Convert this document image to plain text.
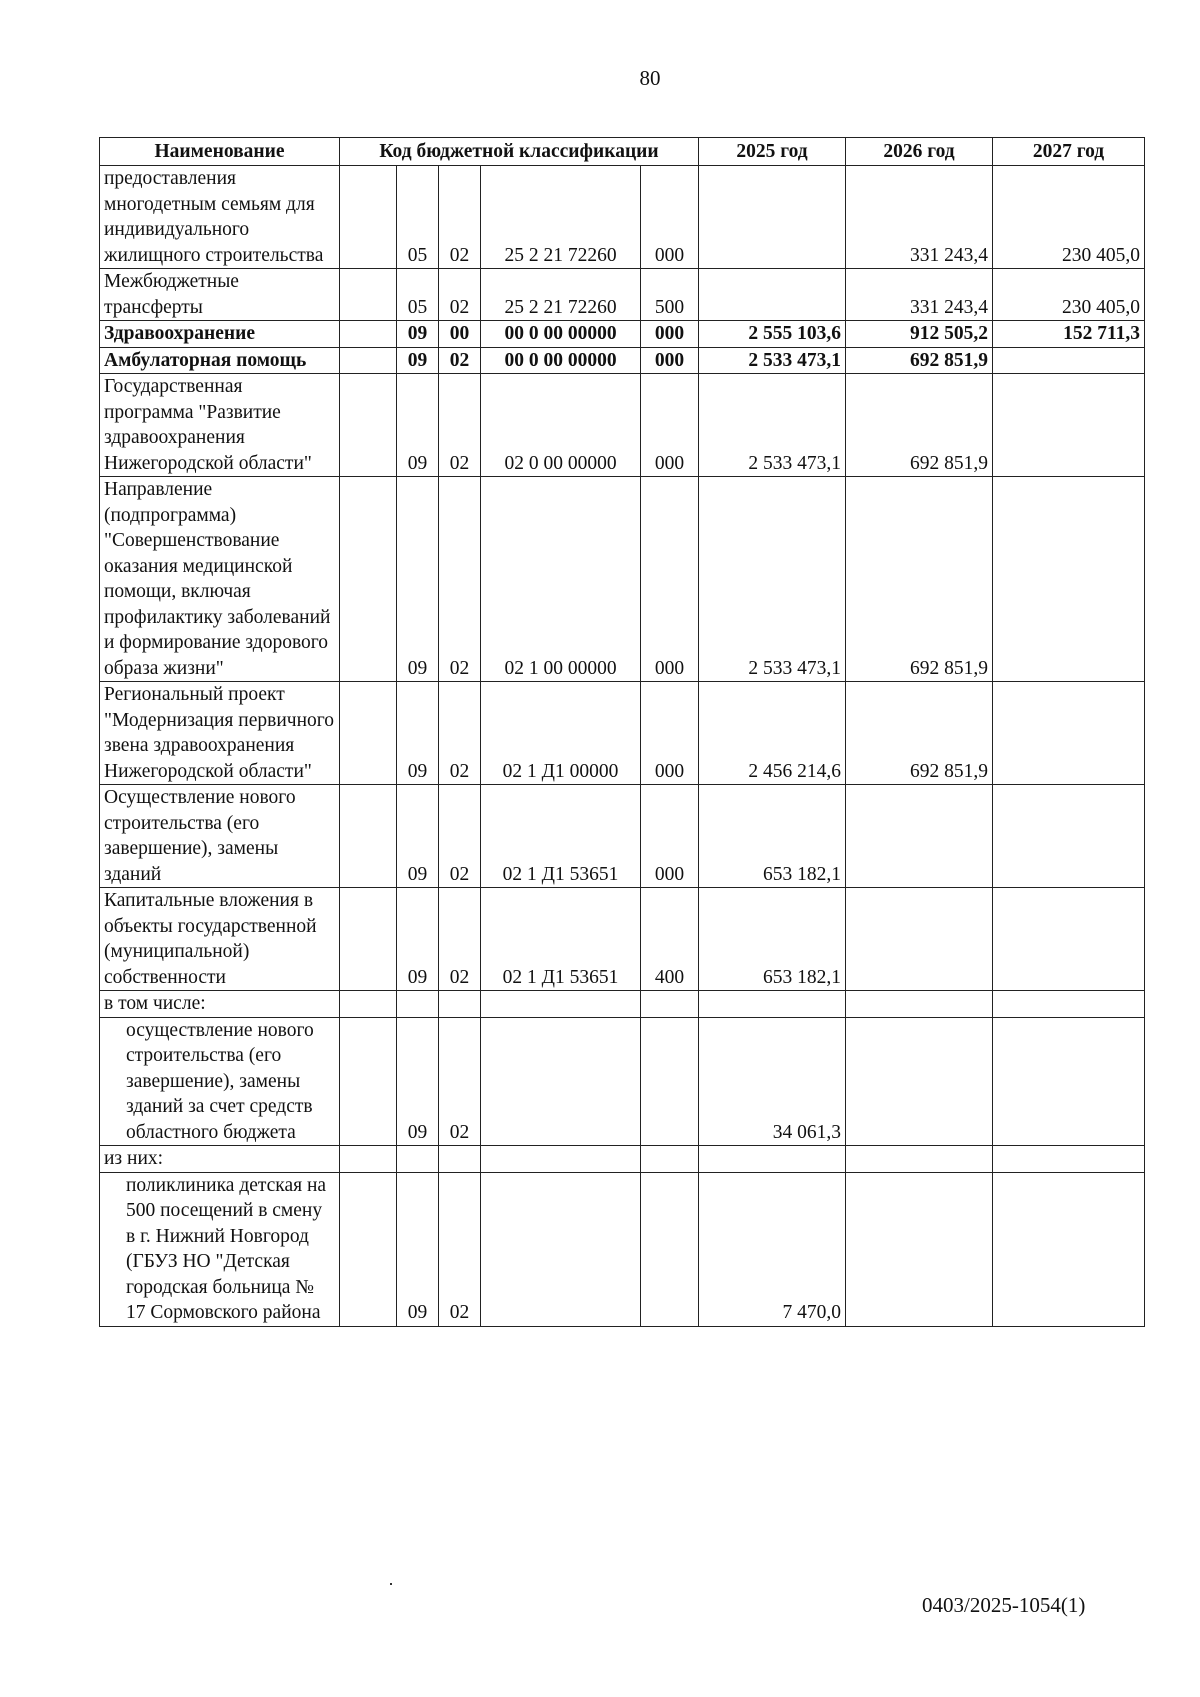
80
Наименование	Код бюджетной классификации					2025 год	2026 год	2027 год
предоставления многодетным семьям для индивидуального жилищного строительства		05	02	25 2 21 72260	000		331 243,4	230 405,0
Межбюджетные трансферты		05	02	25 2 21 72260	500		331 243,4	230 405,0
Здравоохранение		09	00	00 0 00 00000	000	2 555 103,6	912 505,2	152 711,3
Амбулаторная помощь		09	02	00 0 00 00000	000	2 533 473,1	692 851,9	
Государственная программа "Развитие здравоохранения Нижегородской области"		09	02	02 0 00 00000	000	2 533 473,1	692 851,9	
Направление (подпрограмма) "Совершенствование оказания медицинской помощи, включая профилактику заболеваний и формирование здорового образа жизни"		09	02	02 1 00 00000	000	2 533 473,1	692 851,9	
Региональный проект "Модернизация первичного звена здравоохранения Нижегородской области"		09	02	02 1 Д1 00000	000	2 456 214,6	692 851,9	
Осуществление нового строительства (его завершение), замены зданий		09	02	02 1 Д1 53651	000	653 182,1		
Капитальные вложения в объекты государственной (муниципальной) собственности		09	02	02 1 Д1 53651	400	653 182,1		
в том числе:								
осуществление нового строительства (его завершение), замены зданий за счет средств областного бюджета		09	02			34 061,3		
из них:								
поликлиника детская на 500 посещений в смену в г. Нижний Новгород (ГБУЗ НО "Детская городская больница № 17 Сормовского района		09	02			7 470,0		
0403/2025-1054(1)
